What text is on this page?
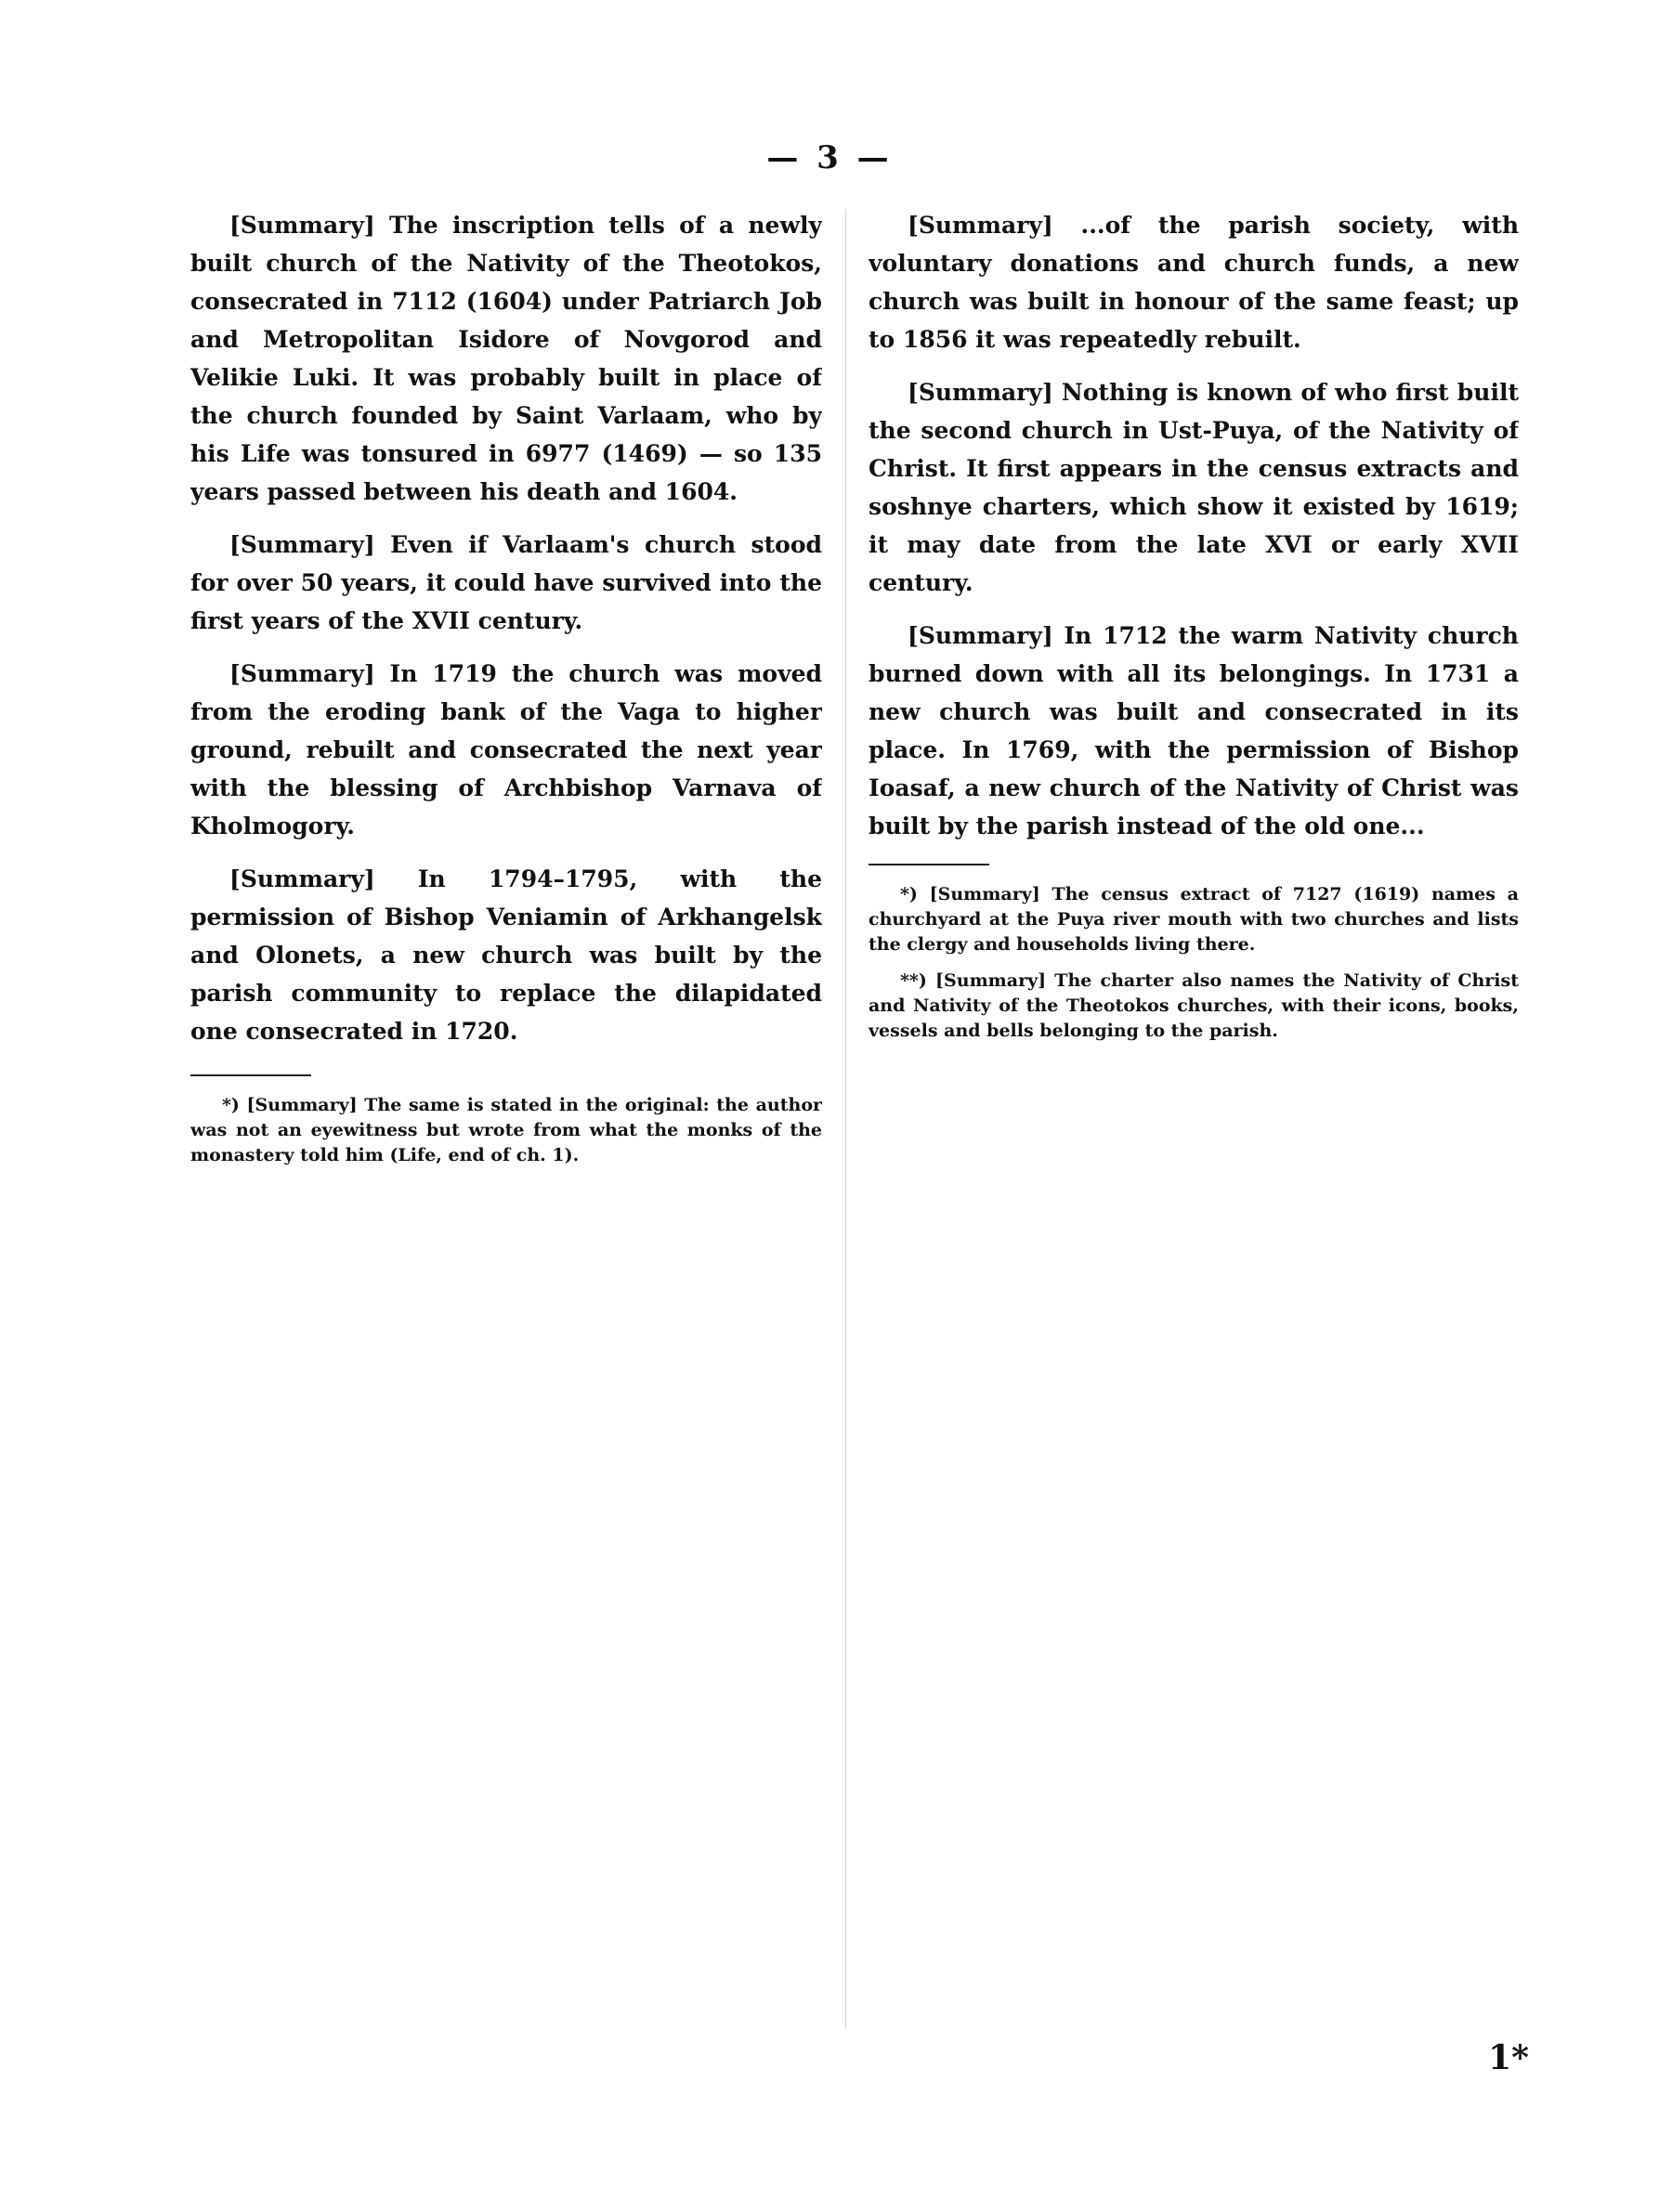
— 3 —

[Summary] The inscription tells of a newly built church of the Nativity of the Theotokos, consecrated in 7112 (1604) under Patriarch Job and Metropolitan Isidore of Novgorod and Velikie Luki. It was probably built in place of the church founded by Saint Varlaam, who by his Life was tonsured in 6977 (1469) — so 135 years passed between his death and 1604.

[Summary] Even if Varlaam's church stood for over 50 years, it could have survived into the first years of the XVII century.

[Summary] In 1719 the church was moved from the eroding bank of the Vaga to higher ground, rebuilt and consecrated the next year with the blessing of Archbishop Varnava of Kholmogory.

[Summary] In 1794–1795, with the permission of Bishop Veniamin of Arkhangelsk and Olonets, a new church was built by the parish community to replace the dilapidated one consecrated in 1720.

*) [Summary] The same is stated in the original: the author was not an eyewitness but wrote from what the monks of the monastery told him (Life, end of ch. 1).

[Summary] ...of the parish society, with voluntary donations and church funds, a new church was built in honour of the same feast; up to 1856 it was repeatedly rebuilt.

[Summary] Nothing is known of who first built the second church in Ust-Puya, of the Nativity of Christ. It first appears in the census extracts and soshnye charters, which show it existed by 1619; it may date from the late XVI or early XVII century.

[Summary] In 1712 the warm Nativity church burned down with all its belongings. In 1731 a new church was built and consecrated in its place. In 1769, with the permission of Bishop Ioasaf, a new church of the Nativity of Christ was built by the parish instead of the old one...

*) [Summary] The census extract of 7127 (1619) names a churchyard at the Puya river mouth with two churches and lists the clergy and households living there.

**) [Summary] The charter also names the Nativity of Christ and Nativity of the Theotokos churches, with their icons, books, vessels and bells belonging to the parish.

1*
